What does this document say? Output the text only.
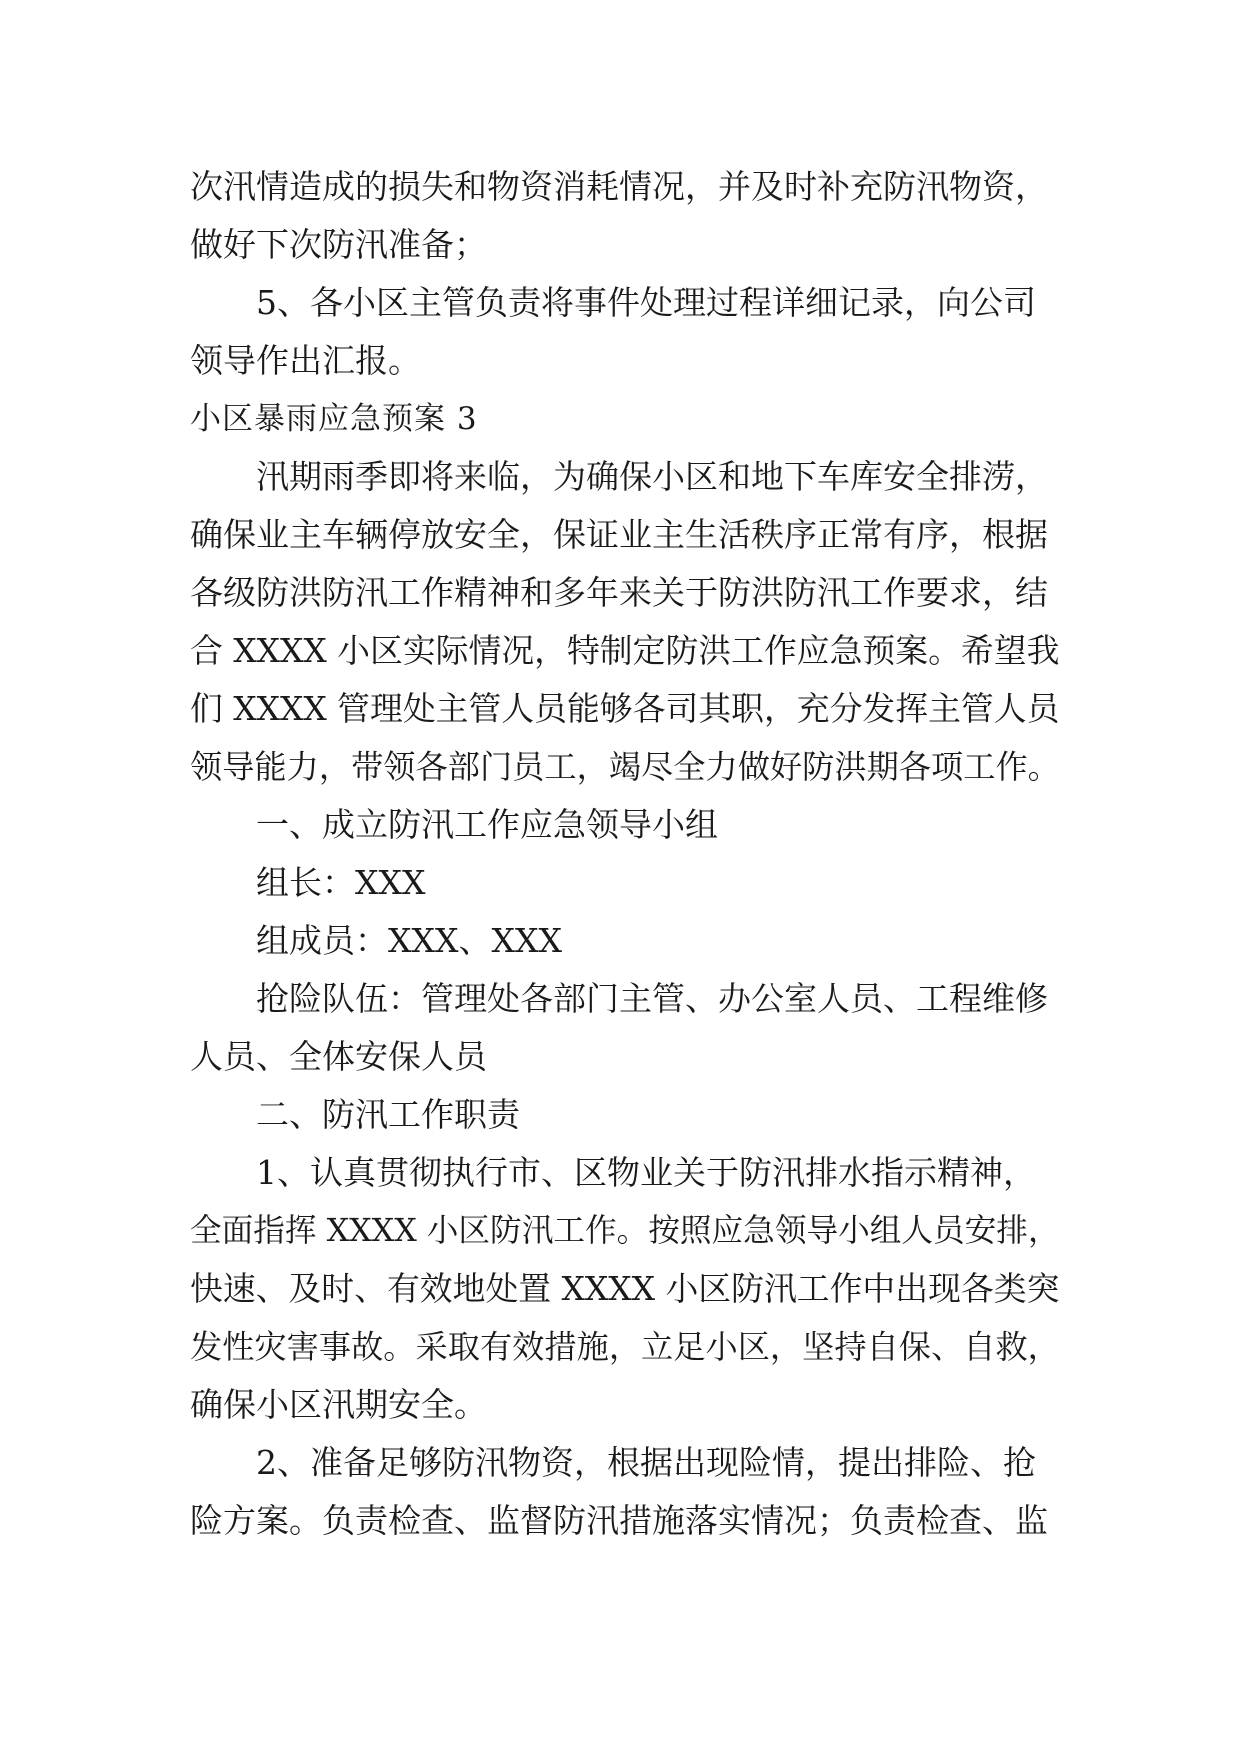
次汛情造成的损失和物资消耗情况，并及时补充防汛物资，
做好下次防汛准备；
5、各小区主管负责将事件处理过程详细记录，向公司
领导作出汇报。
小区暴雨应急预案 3
汛期雨季即将来临，为确保小区和地下车库安全排涝，
确保业主车辆停放安全，保证业主生活秩序正常有序，根据
各级防洪防汛工作精神和多年来关于防洪防汛工作要求，结
合 XXXX 小区实际情况，特制定防洪工作应急预案。希望我
们 XXXX 管理处主管人员能够各司其职，充分发挥主管人员
领导能力，带领各部门员工，竭尽全力做好防洪期各项工作。
一、成立防汛工作应急领导小组
组长：XXX
组成员：XXX、XXX
抢险队伍：管理处各部门主管、办公室人员、工程维修
人员、全体安保人员
二、防汛工作职责
1、认真贯彻执行市、区物业关于防汛排水指示精神，
全面指挥 XXXX 小区防汛工作。按照应急领导小组人员安排，
快速、及时、有效地处置 XXXX 小区防汛工作中出现各类突
发性灾害事故。采取有效措施，立足小区，坚持自保、自救，
确保小区汛期安全。
2、准备足够防汛物资，根据出现险情，提出排险、抢
险方案。负责检查、监督防汛措施落实情况；负责检查、监
